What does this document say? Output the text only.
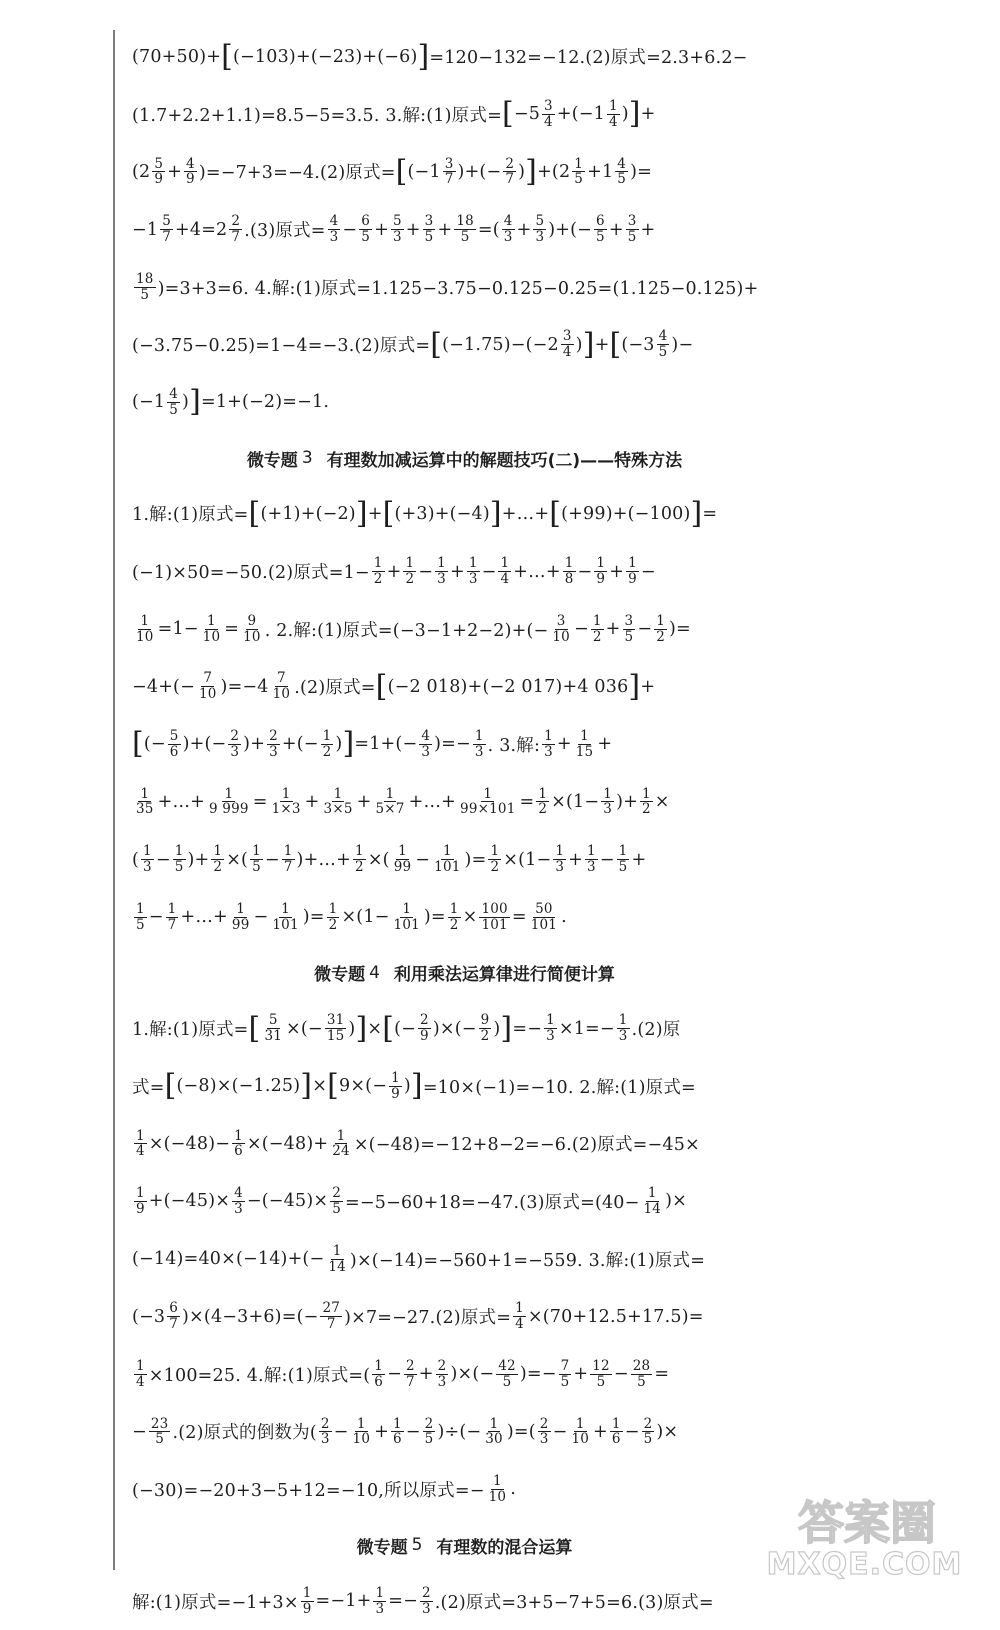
(70+50)+ [ (−103)+(−23)+(−6) ] =120−132=−12.(2)原式=2.3+6.2−
(1.7+2.2+1.1)=8.5−5=3.5. 3.解:(1)原式= [ $-5 \frac{3}{4} +(-1 \frac{1}{4}$ ) ] +
$(2 \frac{5}{9} + \frac{4}{9} )=-7+3=-4.(2)$原式= [ ($-1 \frac{3}{7}$ )+(− $\frac{2}{7}$ ) ] $+(2 \frac{1}{5} +1 \frac{4}{5}$ )=
$-1 \frac{5}{7} +4=2 \frac{2}{7} .(3)$原式= $\frac{4}{3} - \frac{6}{5} + \frac{5}{3} + \frac{3}{5} + \frac{18}{5}$ =( $\frac{4}{3} + \frac{5}{3}$ )+(− $\frac{6}{5} + \frac{3}{5}$ +
$\frac{18}{5} )=3+3=6$. 4.解:(1)原式=1.125−3.75−0.125−0.25=(1.125−0.125)+
(−3.75−0.25)=1−4=−3.(2)原式= [ $(-1.75)-(-2 \frac{3}{4}$ ) ] + [ ($-3 \frac{4}{5}$ )−
($-1 \frac{4}{5}$ ) ] =1+(−2)=−1.
微专题 3 有理数加减运算中的解题技巧(二)——特殊方法
1.解:(1)原式= [ (+1)+(−2) ] + [ (+3)+(−4) ] +…+ [ (+99)+(−100) ] =
(−1)×50=−50.(2)原式$=1- \frac{1}{2} + \frac{1}{2} - \frac{1}{3} + \frac{1}{3} - \frac{1}{4}$ +…+ $\frac{1}{8} - \frac{1}{9} + \frac{1}{9}$ −
$\frac{1}{10} =1- \frac{1}{10} = \frac{9}{10}$ . 2.解:(1)原式$=(-3-1+2-2)+(- \frac{3}{10} - \frac{1}{2} + \frac{3}{5} - \frac{1}{2}$ )=
$-4+(- \frac{7}{10} )=-4 \frac{7}{10} .(2)$原式= [ (−2 018)+(−2 017)+4 036 ] +
[ (− $\frac{5}{6}$ )+(− $\frac{2}{3}$ )+ $\frac{2}{3}$ +(− $\frac{1}{2}$ ) ] $=1+(- \frac{4}{3}$ )=− $\frac{1}{3}$ . 3.解: $\frac{1}{3} + \frac{1}{15}$ +
$\frac{1}{35}$ +…+ $\frac{1}{9 999} = \frac{1}{1\times 3} + \frac{1}{3\times 5} + \frac{1}{5\times 7}$ +…+ $\frac{1}{99\times 101} = \frac{1}{2} \times(1- \frac{1}{3}$ )+ $\frac{1}{2}$ ×
( $\frac{1}{3} - \frac{1}{5}$ )+ $\frac{1}{2}$ ×( $\frac{1}{5} - \frac{1}{7}$ )+…+ $\frac{1}{2}$ ×( $\frac{1}{99} - \frac{1}{101}$ )= $\frac{1}{2} \times(1- \frac{1}{3} + \frac{1}{3} - \frac{1}{5}$ +
$\frac{1}{5} - \frac{1}{7}$ +…+ $\frac{1}{99} - \frac{1}{101}$ )= $\frac{1}{2} \times(1- \frac{1}{101}$ )= $\frac{1}{2} \times \frac{100}{101} = \frac{50}{101}$ .
微专题 4 利用乘法运算律进行简便计算
1.解:(1)原式= [ $\frac{5}{31}$ ×(− $\frac{31}{15}$ ) ] × [ (− $\frac{2}{9}$ )×(− $\frac{9}{2}$ ) ] =− $\frac{1}{3} \times 1=- \frac{1}{3} .(2)$原
式= [ (−8)×(−1.25) ] × [ $9\times(- \frac{1}{9}$ ) ] =10×(−1)=−10. 2.解:(1)原式=
$\frac{1}{4} \times(-48)- \frac{1}{6} \times(-48)+ \frac{1}{24} \times(-48)=-12+8-2=-6.(2)$原式=−45×
$\frac{1}{9} +(-45)\times \frac{4}{3} -(-45)\times \frac{2}{5} =-5-60+18=-47.(3)$原式$=(40- \frac{1}{14}$ )×
$(-14)=40\times(-14)+(- \frac{1}{14} )\times(-14)=-560+1=-559$. 3.解:(1)原式=
$(-3 \frac{6}{7} )\times(4-3+6)=(- \frac{27}{7} )\times 7=-27.(2)$原式= $\frac{1}{4} \times(70+12.5+17.5)=$
$\frac{1}{4} \times 100=25$. 4.解:(1)原式=( $\frac{1}{6} - \frac{2}{7} + \frac{2}{3}$ )×(− $\frac{42}{5}$ )=− $\frac{7}{5} + \frac{12}{5} - \frac{28}{5}$ =
− $\frac{23}{5} .(2)$原式的倒数为( $\frac{2}{3} - \frac{1}{10} + \frac{1}{6} - \frac{2}{5}$ )÷(− $\frac{1}{30}$ )=( $\frac{2}{3} - \frac{1}{10} + \frac{1}{6} - \frac{2}{5}$ )×
(−30)=−20+3−5+12=−10,所以原式=− $\frac{1}{10}$ .
微专题 5 有理数的混合运算
解:(1)原式$=-1+3\times \frac{1}{9} =-1+ \frac{1}{3} =- \frac{2}{3} .(2)$原式=3+5−7+5=6.(3)原式=
答案圈
MXQE.COM
